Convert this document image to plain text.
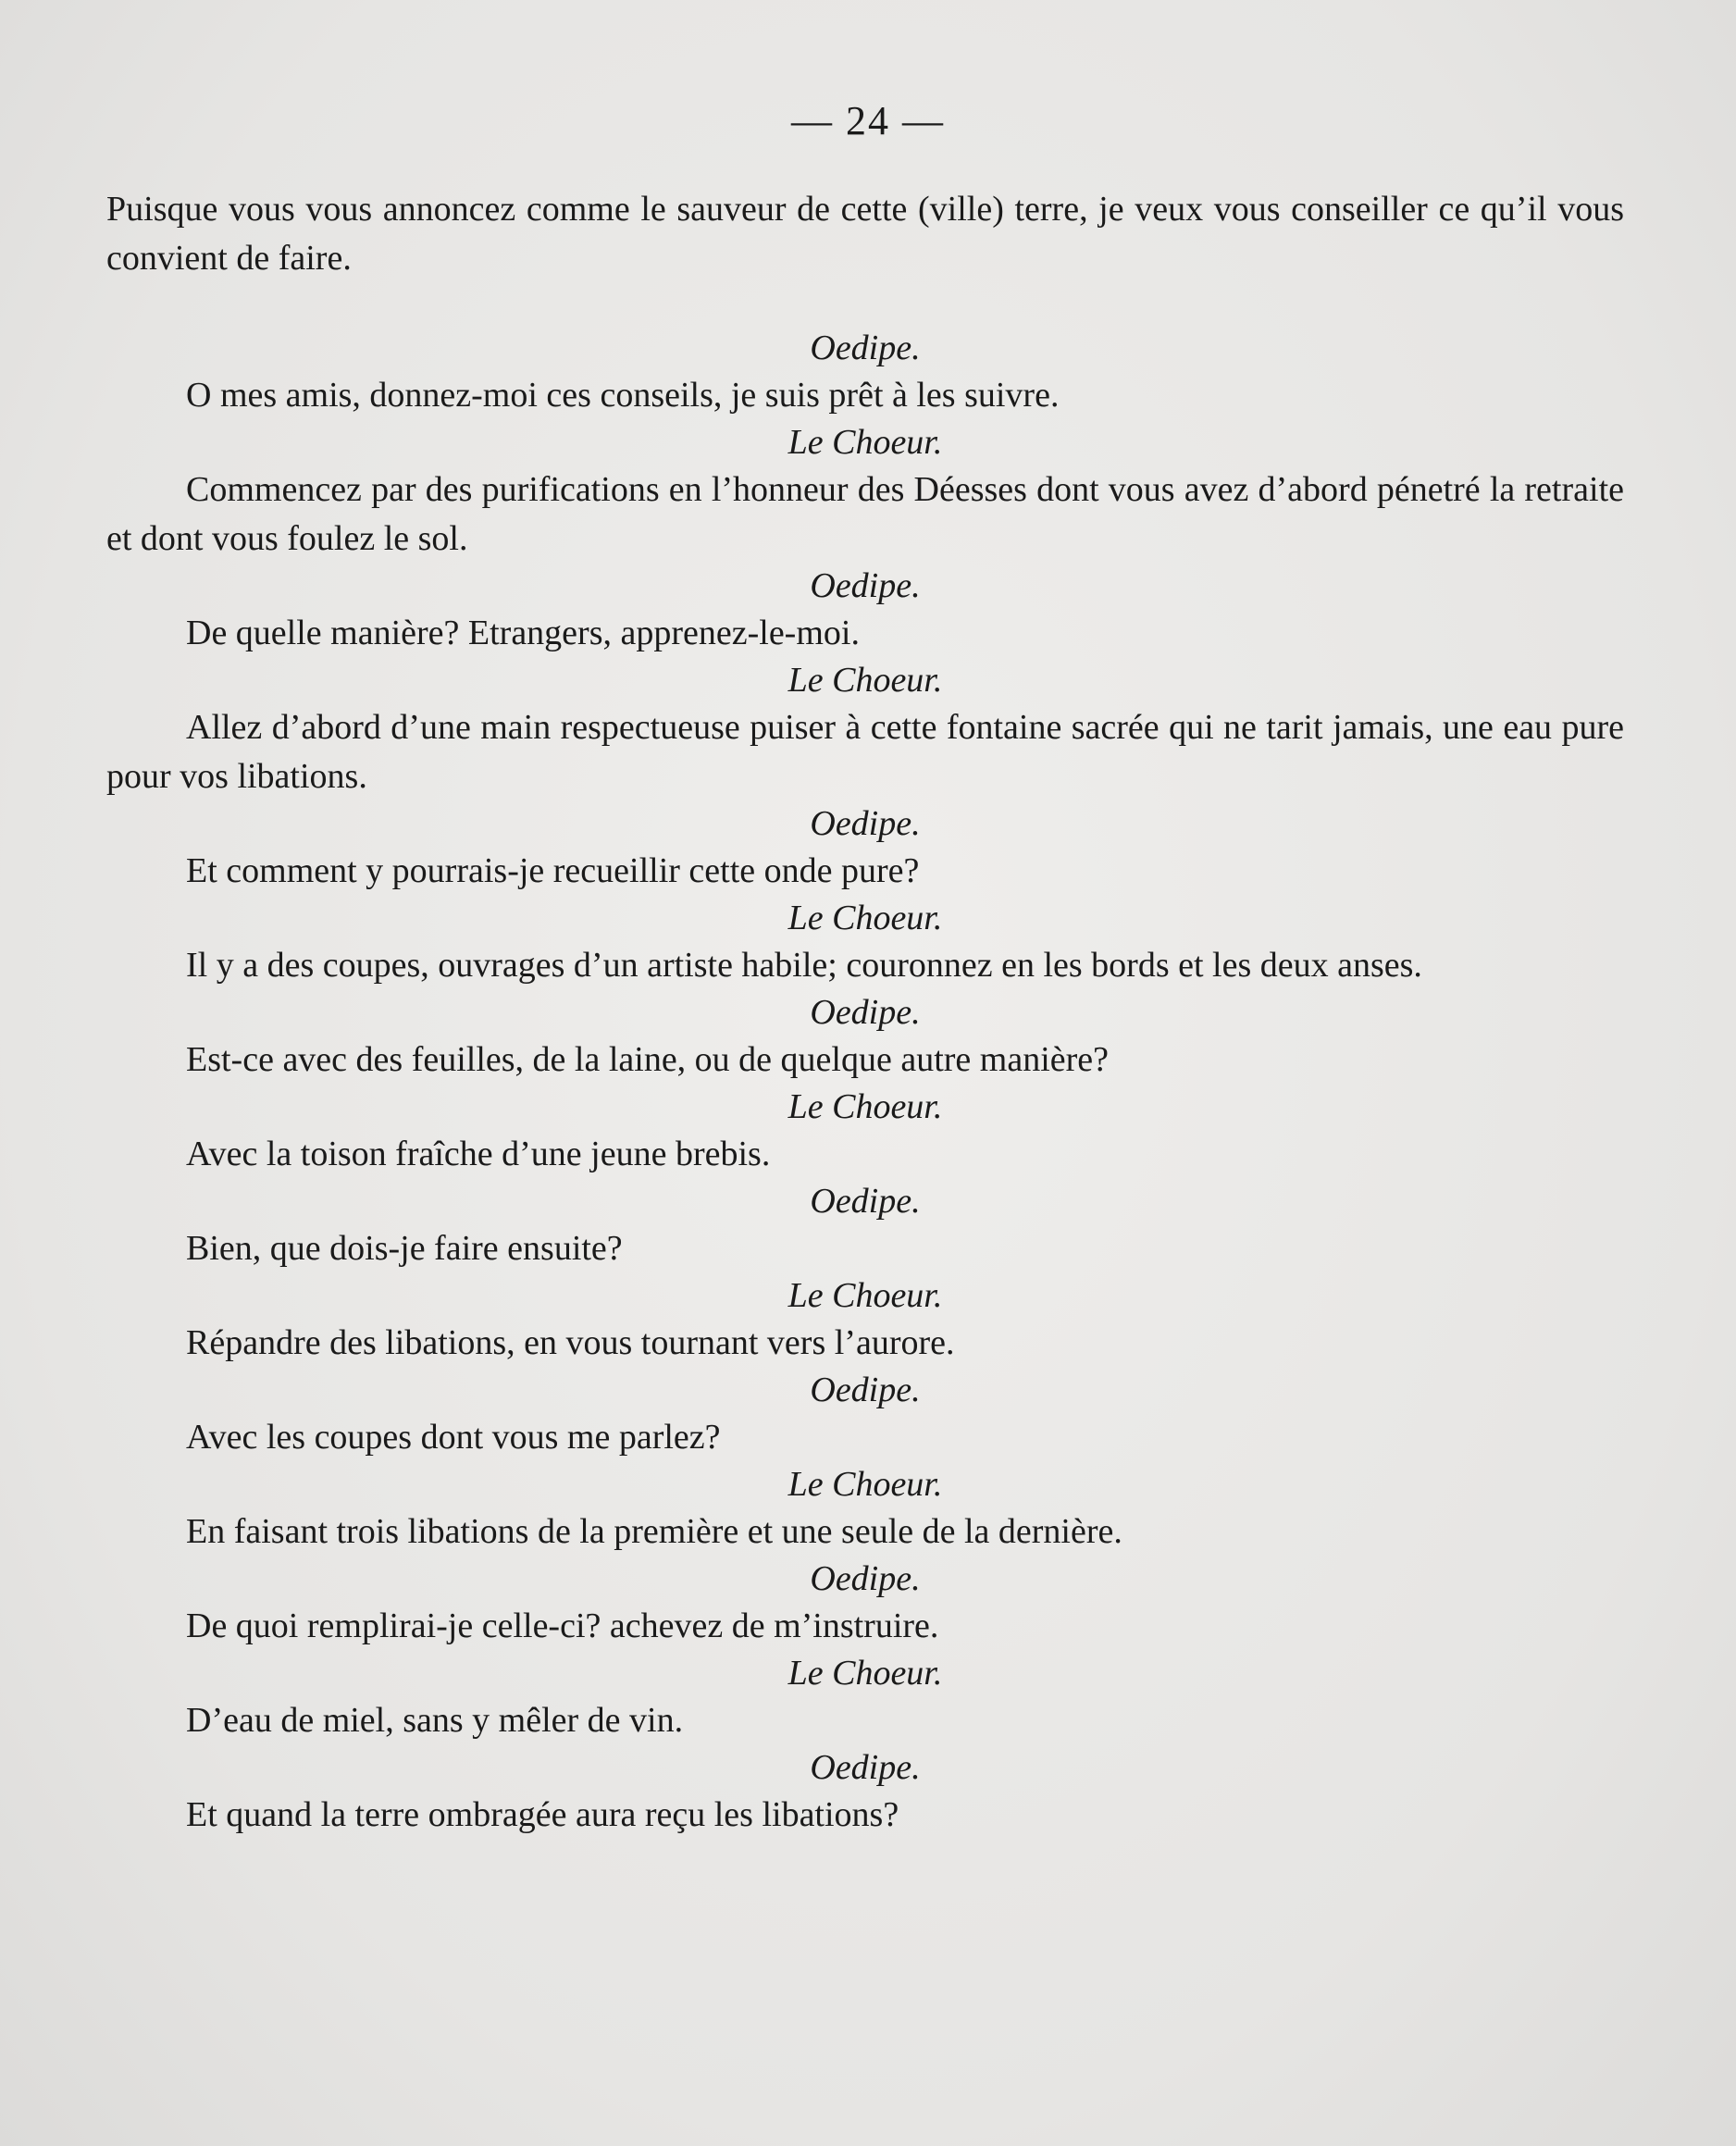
— 24 —

Puisque vous vous annoncez comme le sauveur de cette (ville) terre, je veux vous conseiller ce qu’il vous convient de faire.

Oedipe.

O mes amis, donnez-moi ces conseils, je suis prêt à les suivre.

Le Choeur.

Commencez par des purifications en l’honneur des Déesses dont vous avez d’abord pénetré la retraite et dont vous foulez le sol.

Oedipe.

De quelle manière? Etrangers, apprenez-le-moi.

Le Choeur.

Allez d’abord d’une main respectueuse puiser à cette fontaine sacrée qui ne tarit jamais, une eau pure pour vos libations.

Oedipe.

Et comment y pourrais-je recueillir cette onde pure?

Le Choeur.

Il y a des coupes, ouvrages d’un artiste habile; couronnez en les bords et les deux anses.

Oedipe.

Est-ce avec des feuilles, de la laine, ou de quelque autre manière?

Le Choeur.

Avec la toison fraîche d’une jeune brebis.

Oedipe.

Bien, que dois-je faire ensuite?

Le Choeur.

Répandre des libations, en vous tournant vers l’aurore.

Oedipe.

Avec les coupes dont vous me parlez?

Le Choeur.

En faisant trois libations de la première et une seule de la dernière.

Oedipe.

De quoi remplirai-je celle-ci? achevez de m’instruire.

Le Choeur.

D’eau de miel, sans y mêler de vin.

Oedipe.

Et quand la terre ombragée aura reçu les libations?
